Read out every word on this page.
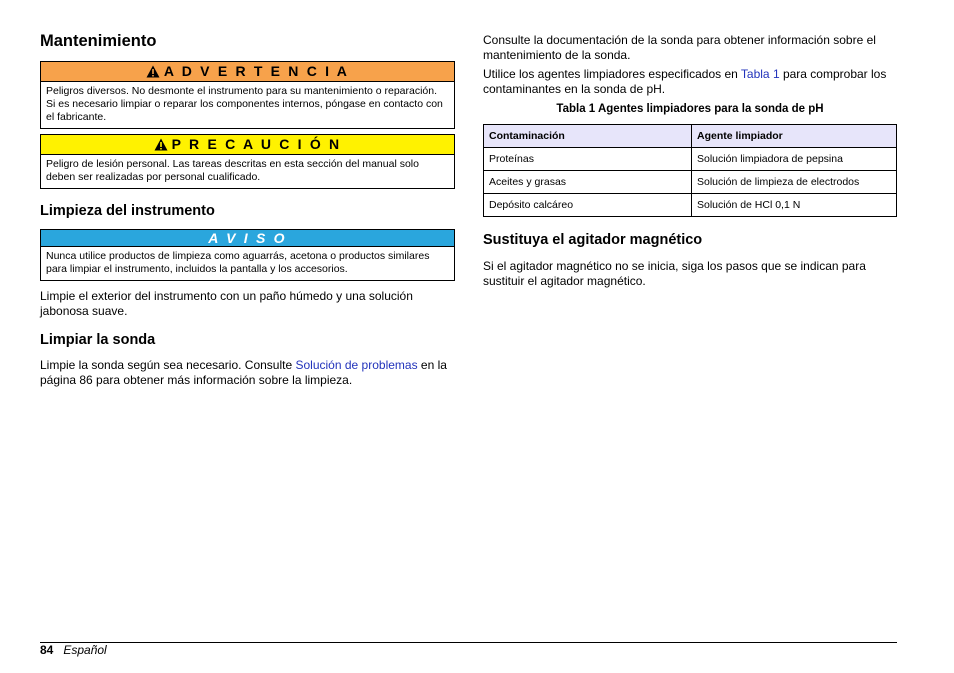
Mantenimiento
A D V E R T E N C I A
Peligros diversos. No desmonte el instrumento para su mantenimiento o reparación. Si es necesario limpiar o reparar los componentes internos, póngase en contacto con el fabricante.
P R E C A U C I Ó N
Peligro de lesión personal. Las tareas descritas en esta sección del manual solo deben ser realizadas por personal cualificado.
Limpieza del instrumento
A V I S O
Nunca utilice productos de limpieza como aguarrás, acetona o productos similares para limpiar el instrumento, incluidos la pantalla y los accesorios.

Limpie el exterior del instrumento con un paño húmedo y una solución jabonosa suave.

Limpiar la sonda

Limpie la sonda según sea necesario. Consulte Solución de problemas en la página 86 para obtener más información sobre la limpieza.

Consulte la documentación de la sonda para obtener información sobre el mantenimiento de la sonda.

Utilice los agentes limpiadores especificados en Tabla 1 para comprobar los contaminantes en la sonda de pH.

Tabla 1 Agentes limpiadores para la sonda de pH
Contaminación	Agente limpiador
Proteínas	Solución limpiadora de pepsina
Aceites y grasas	Solución de limpieza de electrodos
Depósito calcáreo	Solución de HCl 0,1 N
Sustituya el agitador magnético

Si el agitador magnético no se inicia, siga los pasos que se indican para sustituir el agitador magnético.

84 Español
